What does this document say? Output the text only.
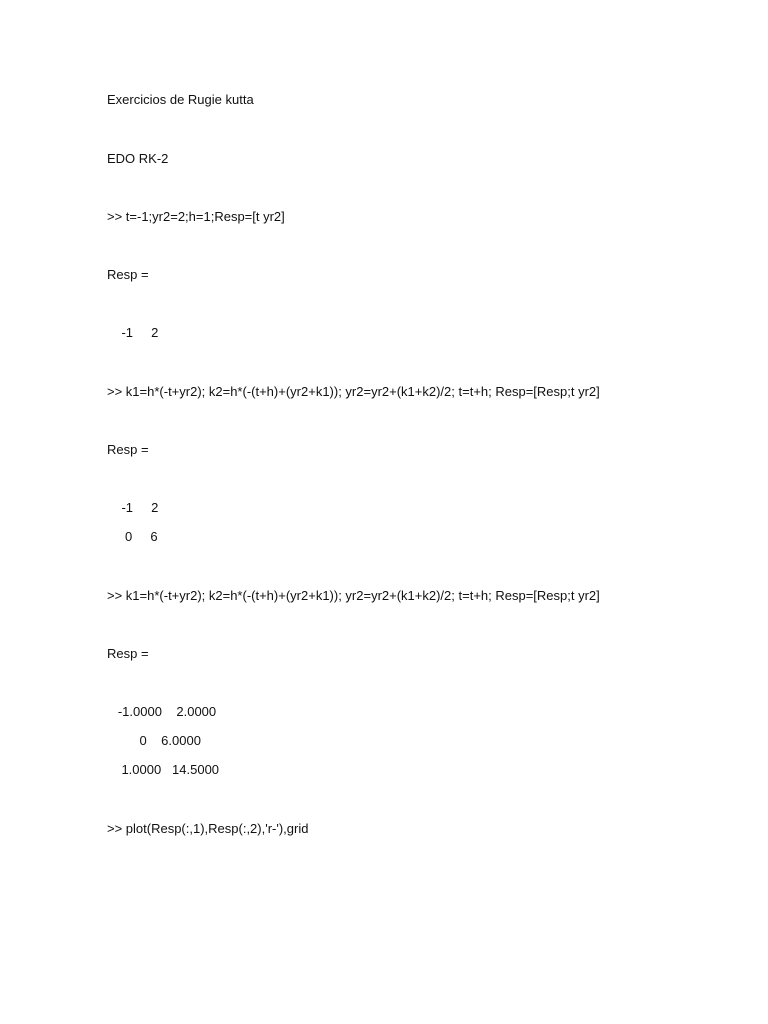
Exercicios de Rugie kutta
EDO RK-2
>> t=-1;yr2=2;h=1;Resp=[t yr2]
Resp =
-1     2
>> k1=h*(-t+yr2); k2=h*(-(t+h)+(yr2+k1)); yr2=yr2+(k1+k2)/2; t=t+h; Resp=[Resp;t yr2]
Resp =
-1     2
0     6
>> k1=h*(-t+yr2); k2=h*(-(t+h)+(yr2+k1)); yr2=yr2+(k1+k2)/2; t=t+h; Resp=[Resp;t yr2]
Resp =
-1.0000    2.0000
0    6.0000
1.0000   14.5000
>> plot(Resp(:,1),Resp(:,2),'r-'),grid
